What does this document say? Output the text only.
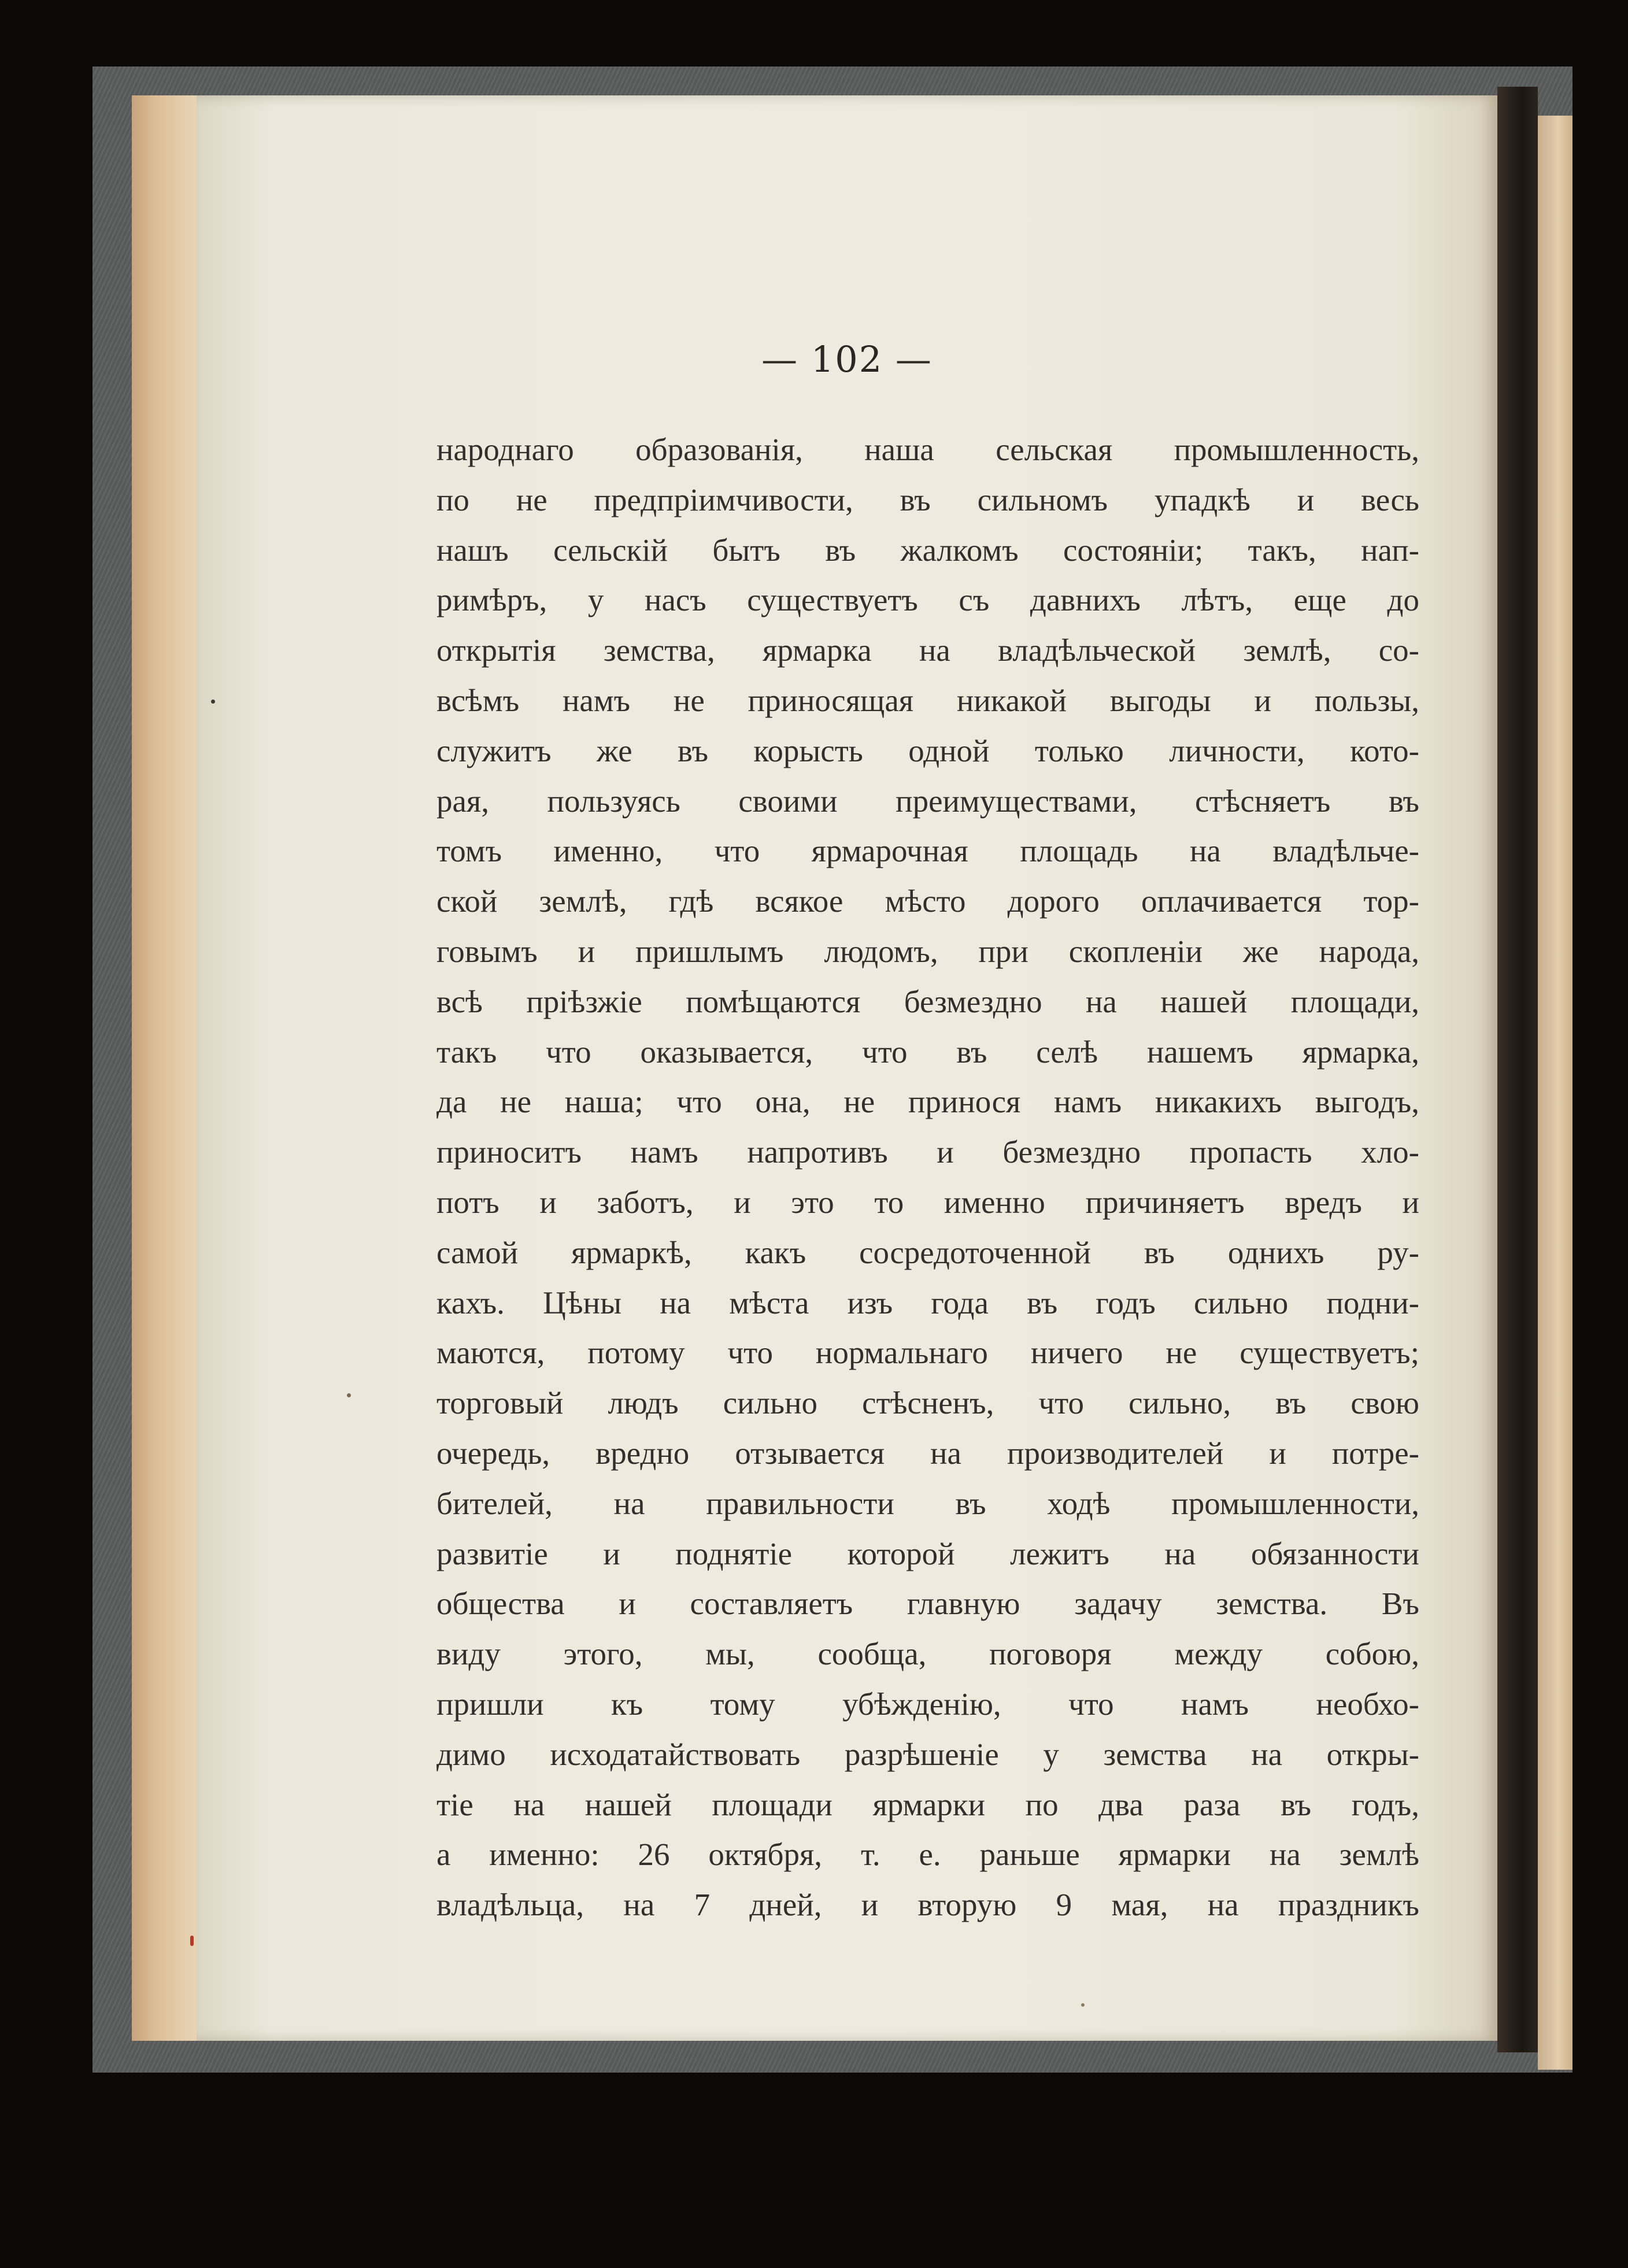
— 102 —
народнаго образованія, наша сельская промышленность,
по не предпріимчивости, въ сильномъ упадкѣ и весь
нашъ сельскій бытъ въ жалкомъ состояніи; такъ, нап-
римѣръ, у насъ существуетъ съ давнихъ лѣтъ, еще до
открытія земства, ярмарка на владѣльческой землѣ, со-
всѣмъ намъ не приносящая никакой выгоды и пользы,
служитъ же въ корысть одной только личности, кото-
рая, пользуясь своими преимуществами, стѣсняетъ въ
томъ именно, что ярмарочная площадь на владѣльче-
ской землѣ, гдѣ всякое мѣсто дорого оплачивается тор-
говымъ и пришлымъ людомъ, при скопленіи же народа,
всѣ пріѣзжіе помѣщаются безмездно на нашей площади,
такъ что оказывается, что въ селѣ нашемъ ярмарка,
да не наша; что она, не принося намъ никакихъ выгодъ,
приноситъ намъ напротивъ и безмездно пропасть хло-
потъ и заботъ, и это то именно причиняетъ вредъ и
самой ярмаркѣ, какъ сосредоточенной въ однихъ ру-
кахъ. Цѣны на мѣста изъ года въ годъ сильно подни-
маются, потому что нормальнаго ничего не существуетъ;
торговый людъ сильно стѣсненъ, что сильно, въ свою
очередь, вредно отзывается на производителей и потре-
бителей, на правильности въ ходѣ промышленности,
развитіе и поднятіе которой лежитъ на обязанности
общества и составляетъ главную задачу земства. Въ
виду этого, мы, сообща, поговоря между собою,
пришли къ тому убѣжденію, что намъ необхо-
димо исходатайствовать разрѣшеніе у земства на откры-
тіе на нашей площади ярмарки по два раза въ годъ,
а именно: 26 октября, т. е. раньше ярмарки на землѣ
владѣльца, на 7 дней, и вторую 9 мая, на праздникъ
